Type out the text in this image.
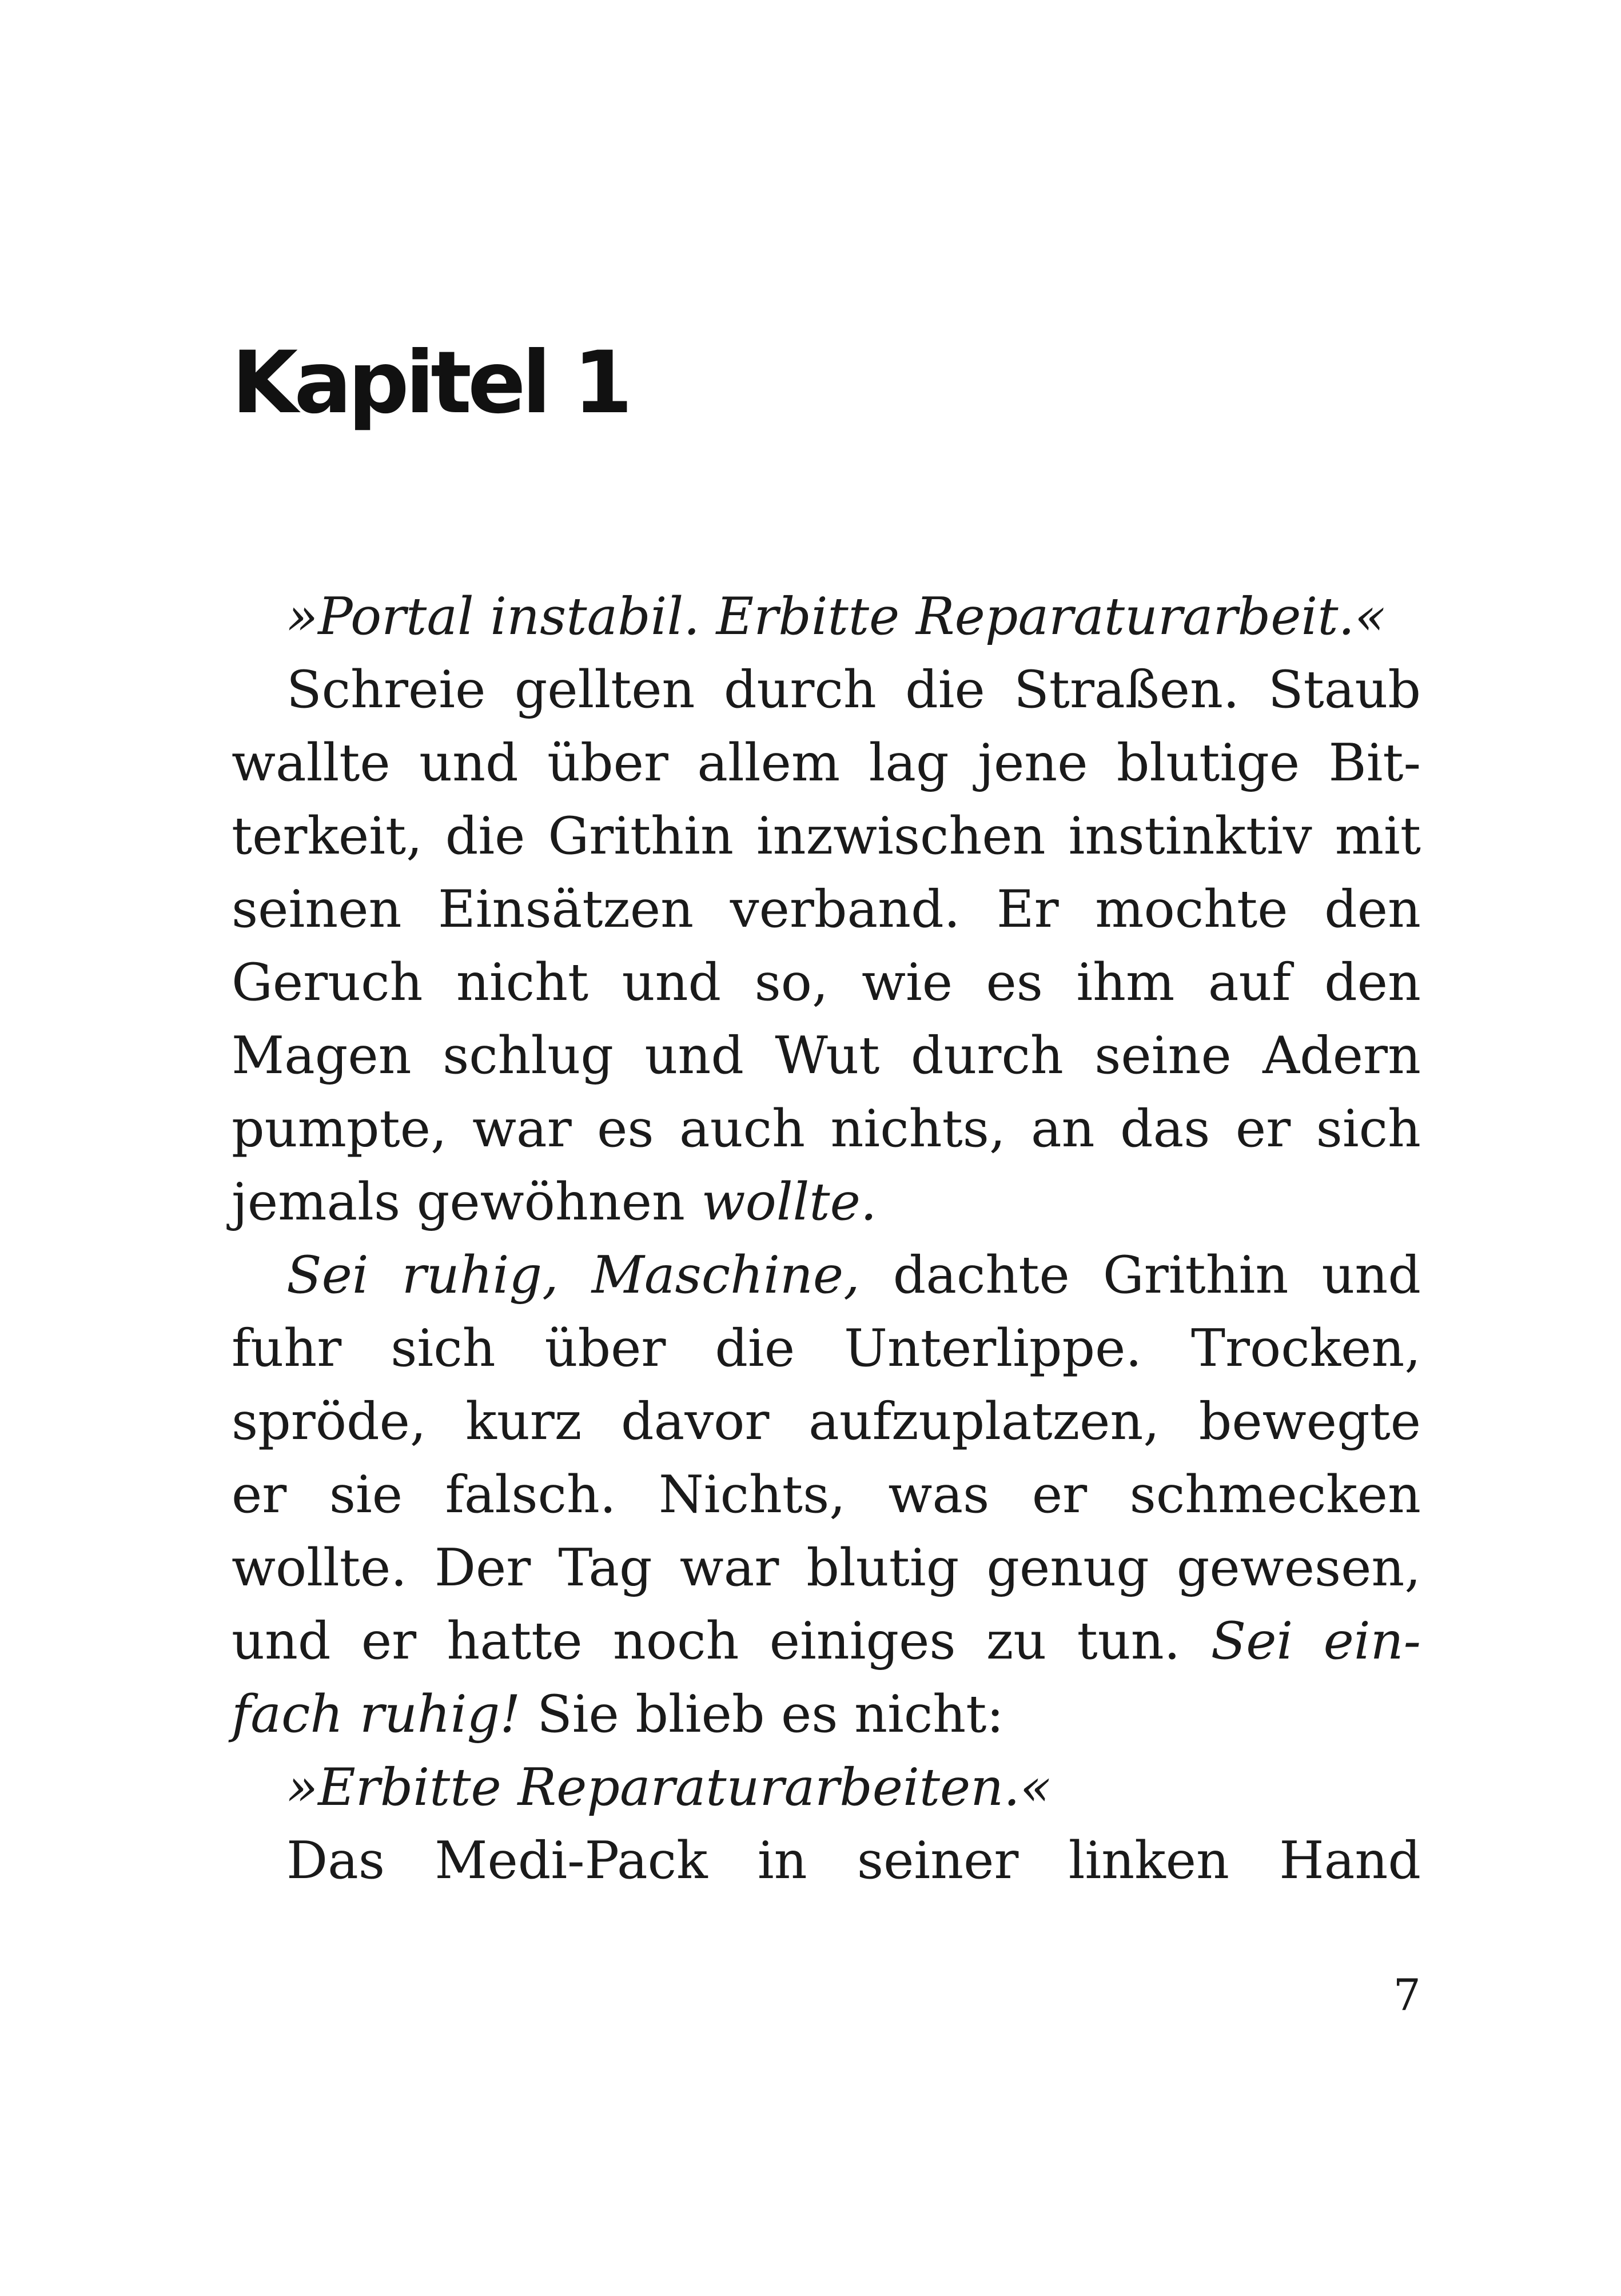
Kapitel 1

»Portal instabil. Erbitte Reparaturarbeit.«

Schreie gellten durch die Straßen. Staub
wallte und über allem lag jene blutige Bit-
terkeit, die Grithin inzwischen instinktiv mit
seinen Einsätzen verband. Er mochte den
Geruch nicht und so, wie es ihm auf den
Magen schlug und Wut durch seine Adern
pumpte, war es auch nichts, an das er sich
jemals gewöhnen wollte.

Sei ruhig, Maschine, dachte Grithin und
fuhr sich über die Unterlippe. Trocken,
spröde, kurz davor aufzuplatzen, bewegte
er sie falsch. Nichts, was er schmecken
wollte. Der Tag war blutig genug gewesen,
und er hatte noch einiges zu tun. Sei ein-
fach ruhig! Sie blieb es nicht:

»Erbitte Reparaturarbeiten.«

Das Medi-Pack in seiner linken Hand

7
